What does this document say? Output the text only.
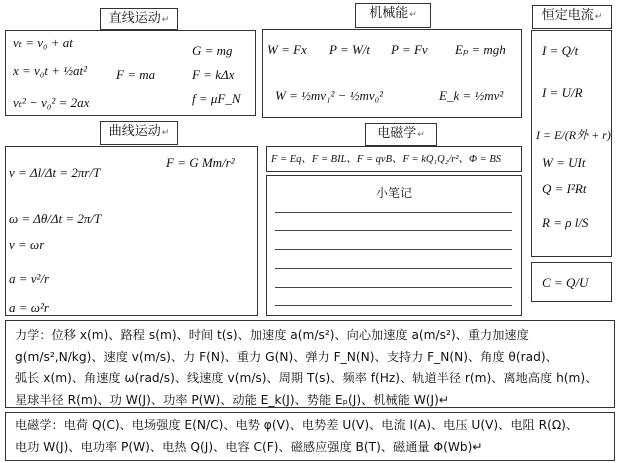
直线运动 ↵
vₜ = v₀ + at
x = v₀t + ½at²
vₜ² − v₀² = 2ax
F = ma
G = mg
F = kΔx
f = μF_N
机械能 ↵
W = Fx P = W/t P = Fv Eₚ = mgh
W = ½mv₁² − ½mv₀²	E_k = ½mv²
恒定电流 ↵
I = Q/t
I = U/R
I = E/(R外 + r)
W = UIt
Q = I²Rt
R = ρ l/S
C = Q/U
曲线运动 ↵
v = Δl/Δt = 2πr/T
ω = Δθ/Δt = 2π/T
v = ωr
a = v²/r
a = ω²r
F = G Mm/r²
电磁学 ↵
F = Eq、F = BIL、F = qvB、F = kQ₁Q₂/r²、Φ = BS
小笔记
力学：位移 x(m)、路程 s(m)、时间 t(s)、加速度 a(m/s²)、向心加速度 a(m/s²)、重力加速度
g(m/s²,N/kg)、速度 v(m/s)、力 F(N)、重力 G(N)、弹力 F_N(N)、支持力 F_N(N)、角度 θ(rad)、
弧长 x(m)、角速度 ω(rad/s)、线速度 v(m/s)、周期 T(s)、频率 f(Hz)、轨道半径 r(m)、离地高度 h(m)、
星球半径 R(m)、功 W(J)、功率 P(W)、动能 E_k(J)、势能 Eₚ(J)、机械能 W(J)↵
电磁学：电荷 Q(C)、电场强度 E(N/C)、电势 φ(V)、电势差 U(V)、电流 I(A)、电压 U(V)、电阻 R(Ω)、
电功 W(J)、电功率 P(W)、电热 Q(J)、电容 C(F)、磁感应强度 B(T)、磁通量 Φ(Wb)↵
